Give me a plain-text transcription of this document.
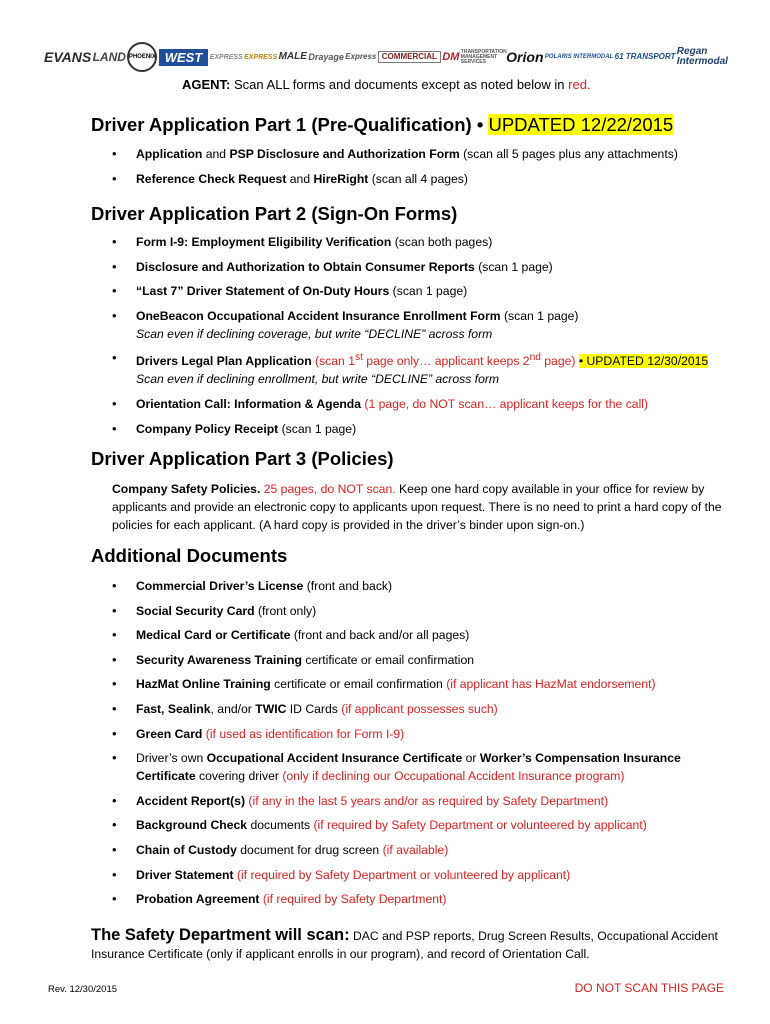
EVANS LAND PHOENIX WEST	EXPRESS EXPRESS MALE Drayage Express COMMERCIAL DM TRANSPORTATION MANAGEMENT SERVICES	Orion POLARIS INTERMODAL 61 TRANSPORT Regan
Intermodal
AGENT: Scan ALL forms and documents except as noted below in red.
Driver Application Part 1 (Pre-Qualification) • UPDATED 12/22/2015
• Application and PSP Disclosure and Authorization Form (scan all 5 pages plus any attachments)
• Reference Check Request and HireRight (scan all 4 pages)
Driver Application Part 2 (Sign-On Forms)
• Form I-9: Employment Eligibility Verification (scan both pages)
• Disclosure and Authorization to Obtain Consumer Reports (scan 1 page)
• “Last 7” Driver Statement of On-Duty Hours (scan 1 page)
• OneBeacon Occupational Accident Insurance Enrollment Form (scan 1 page)
Scan even if declining coverage, but write “DECLINE” across form
• Drivers Legal Plan Application (scan 1st page only… applicant keeps 2nd page) • UPDATED 12/30/2015
Scan even if declining enrollment, but write “DECLINE” across form
• Orientation Call: Information & Agenda (1 page, do NOT scan… applicant keeps for the call)
• Company Policy Receipt (scan 1 page)
Driver Application Part 3 (Policies)
Company Safety Policies. 25 pages, do NOT scan. Keep one hard copy available in your office for review by applicants and provide an electronic copy to applicants upon request. There is no need to print a hard copy of the policies for each applicant. (A hard copy is provided in the driver’s binder upon sign-on.)
Additional Documents
• Commercial Driver’s License (front and back)
• Social Security Card (front only)
• Medical Card or Certificate (front and back and/or all pages)
• Security Awareness Training certificate or email confirmation
• HazMat Online Training certificate or email confirmation (if applicant has HazMat endorsement)
• Fast, Sealink, and/or TWIC ID Cards (if applicant possesses such)
• Green Card (if used as identification for Form I-9)
• Driver’s own Occupational Accident Insurance Certificate or Worker’s Compensation Insurance Certificate covering driver (only if declining our Occupational Accident Insurance program)
• Accident Report(s) (if any in the last 5 years and/or as required by Safety Department)
• Background Check documents (if required by Safety Department or volunteered by applicant)
• Chain of Custody document for drug screen (if available)
• Driver Statement (if required by Safety Department or volunteered by applicant)
• Probation Agreement (if required by Safety Department)
The Safety Department will scan: DAC and PSP reports, Drug Screen Results, Occupational Accident Insurance Certificate (only if applicant enrolls in our program), and record of Orientation Call.
Rev. 12/30/2015	DO NOT SCAN THIS PAGE
